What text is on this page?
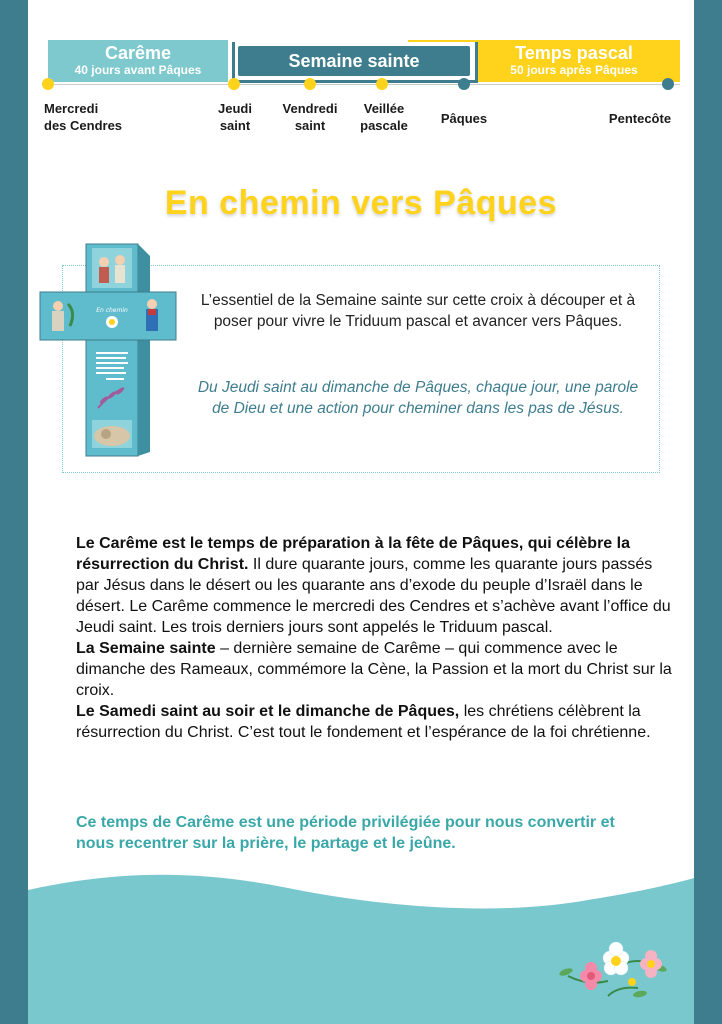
Carême
40 jours avant Pâques
Temps pascal
50 jours après Pâques
Semaine sainte
Mercredi
des Cendres
Jeudi
saint
Vendredi
saint
Veillée
pascale	Pâques	Pentecôte
En chemin vers Pâques
En chemin
L’essentiel de la Semaine sainte sur cette croix à découper et à poser pour vivre le Triduum pascal et avancer vers Pâques.
Du Jeudi saint au dimanche de Pâques, chaque jour, une parole de Dieu et une action pour cheminer dans les pas de Jésus.

Le Carême est le temps de préparation à la fête de Pâques, qui célèbre la résurrection du Christ. Il dure quarante jours, comme les quarante jours passés par Jésus dans le désert ou les quarante ans d’exode du peuple d’Israël dans le désert. Le Carême commence le mercredi des Cendres et s’achève avant l’office du Jeudi saint. Les trois derniers jours sont appelés le Triduum pascal.

La Semaine sainte – dernière semaine de Carême – qui commence avec le dimanche des Rameaux, commémore la Cène, la Passion et la mort du Christ sur la croix.

Le Samedi saint au soir et le dimanche de Pâques, les chrétiens célèbrent la résurrection du Christ. C’est tout le fondement et l’espérance de la foi chrétienne.

Ce temps de Carême est une période privilégiée pour nous convertir et nous recentrer sur la prière, le partage et le jeûne.
